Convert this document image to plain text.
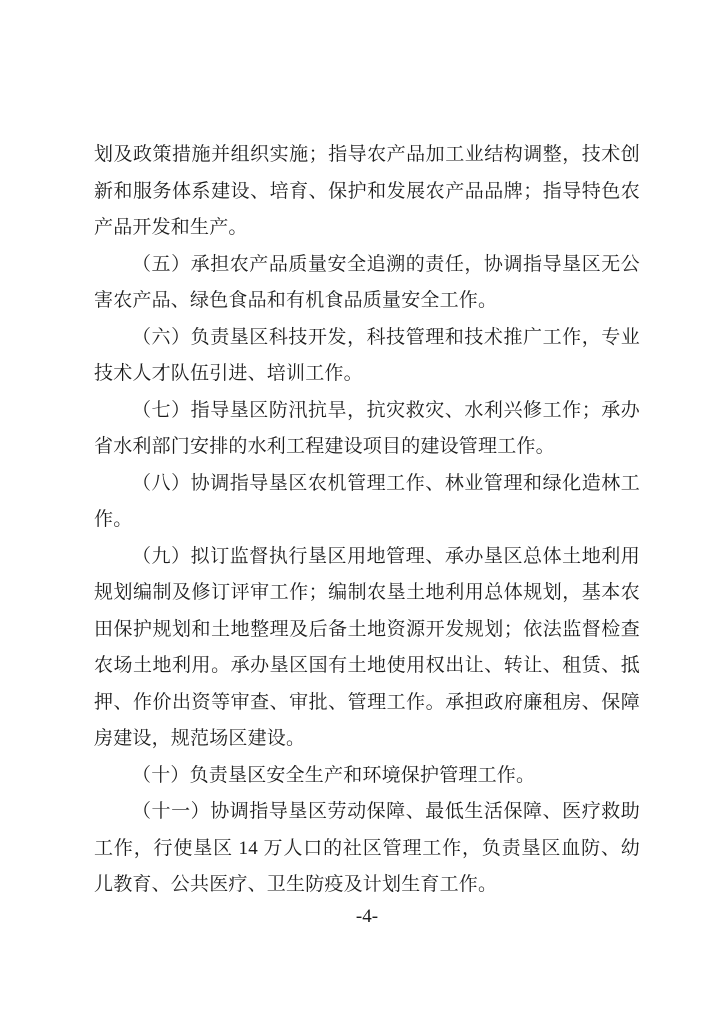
划及政策措施并组织实施；指导农产品加工业结构调整，技术创新和服务体系建设、培育、保护和发展农产品品牌；指导特色农产品开发和生产。

（五）承担农产品质量安全追溯的责任，协调指导垦区无公害农产品、绿色食品和有机食品质量安全工作。

（六）负责垦区科技开发，科技管理和技术推广工作，专业技术人才队伍引进、培训工作。

（七）指导垦区防汛抗旱，抗灾救灾、水利兴修工作；承办省水利部门安排的水利工程建设项目的建设管理工作。

（八）协调指导垦区农机管理工作、林业管理和绿化造林工作。

（九）拟订监督执行垦区用地管理、承办垦区总体土地利用规划编制及修订评审工作；编制农垦土地利用总体规划，基本农田保护规划和土地整理及后备土地资源开发规划；依法监督检查农场土地利用。承办垦区国有土地使用权出让、转让、租赁、抵押、作价出资等审查、审批、管理工作。承担政府廉租房、保障房建设，规范场区建设。

（十）负责垦区安全生产和环境保护管理工作。

（十一）协调指导垦区劳动保障、最低生活保障、医疗救助工作，行使垦区 14 万人口的社区管理工作，负责垦区血防、幼儿教育、公共医疗、卫生防疫及计划生育工作。

-4-
